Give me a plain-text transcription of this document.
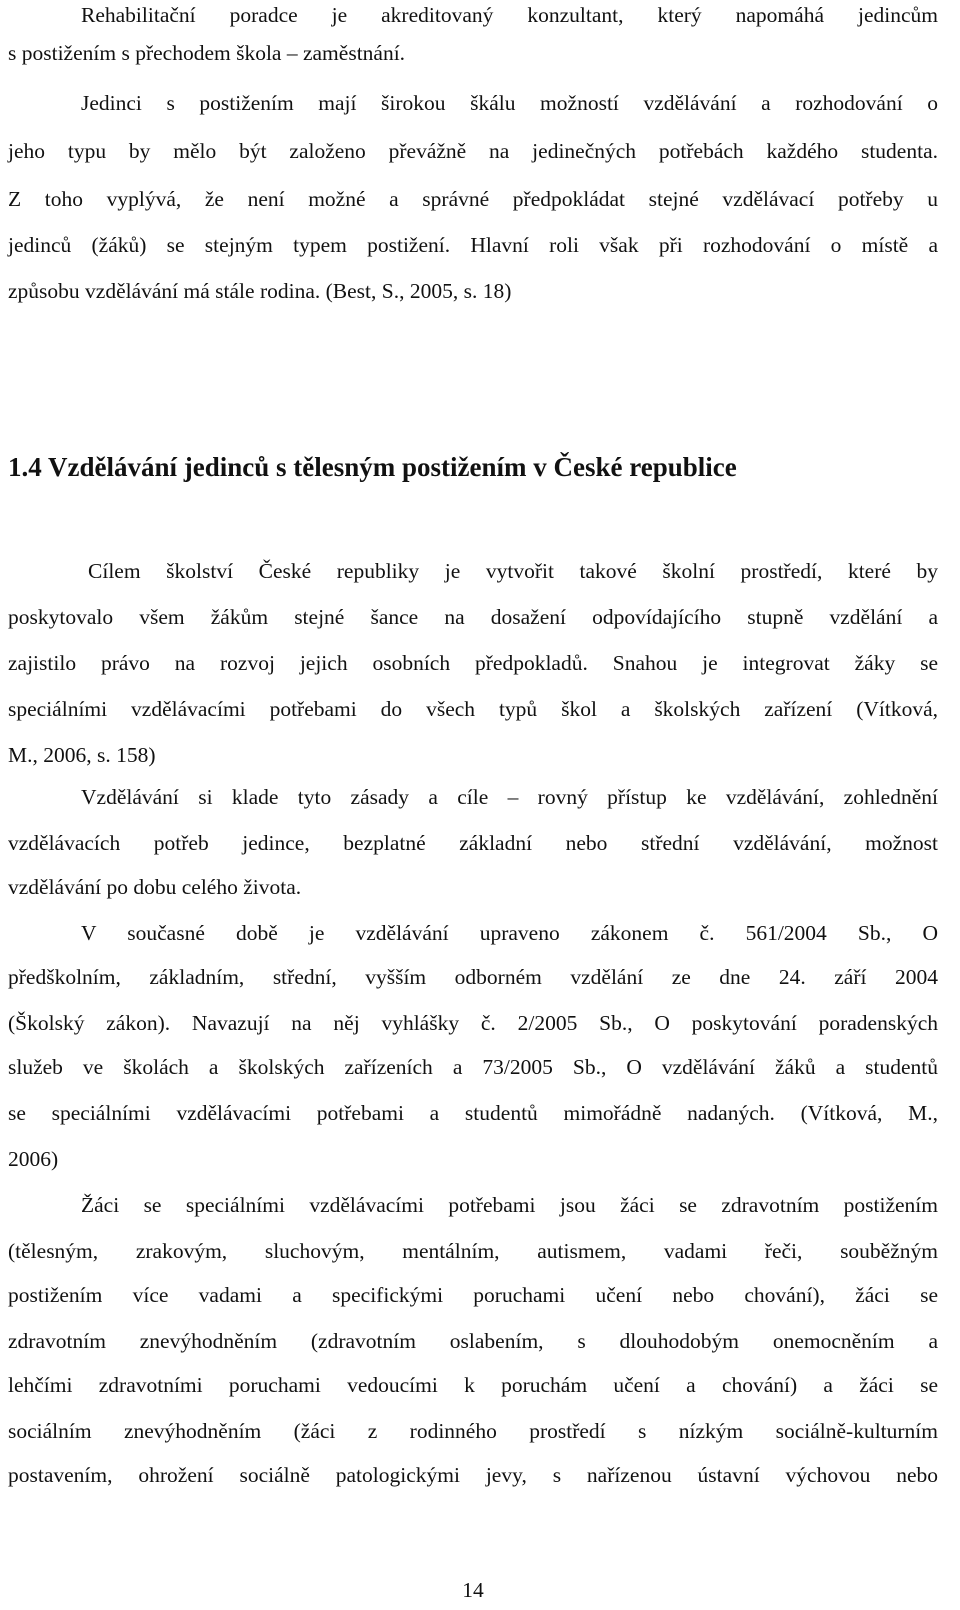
Rehabilitační poradce je akreditovaný konzultant, který napomáhá jedincům
s postižením s přechodem škola – zaměstnání.
Jedinci s postižením mají širokou škálu možností vzdělávání a rozhodování o
jeho typu by mělo být založeno převážně na jedinečných potřebách každého studenta.
Z toho vyplývá, že není možné a správné předpokládat stejné vzdělávací potřeby u
jedinců (žáků) se stejným typem postižení. Hlavní roli však při rozhodování o místě a
způsobu vzdělávání má stále rodina. (Best, S., 2005, s. 18)
1.4 Vzdělávání jedinců s tělesným postižením v České republice
Cílem školství České republiky je vytvořit takové školní prostředí, které by
poskytovalo všem žákům stejné šance na dosažení odpovídajícího stupně vzdělání a
zajistilo právo na rozvoj jejich osobních předpokladů. Snahou je integrovat žáky se
speciálními vzdělávacími potřebami do všech typů škol a školských zařízení (Vítková,
M., 2006, s. 158)
Vzdělávání si klade tyto zásady a cíle – rovný přístup ke vzdělávání, zohlednění
vzdělávacích potřeb jedince, bezplatné základní nebo střední vzdělávání, možnost
vzdělávání po dobu celého života.
V současné době je vzdělávání upraveno zákonem č. 561/2004 Sb., O
předškolním, základním, střední, vyšším odborném vzdělání ze dne 24. září 2004
(Školský zákon). Navazují na něj vyhlášky č. 2/2005 Sb., O poskytování poradenských
služeb ve školách a školských zařízeních a 73/2005 Sb., O vzdělávání žáků a studentů
se speciálními vzdělávacími potřebami a studentů mimořádně nadaných. (Vítková, M.,
2006)
Žáci se speciálními vzdělávacími potřebami jsou žáci se zdravotním postižením
(tělesným, zrakovým, sluchovým, mentálním, autismem, vadami řeči, souběžným
postižením více vadami a specifickými poruchami učení nebo chování), žáci se
zdravotním znevýhodněním (zdravotním oslabením, s dlouhodobým onemocněním a
lehčími zdravotními poruchami vedoucími k poruchám učení a chování) a žáci se
sociálním znevýhodněním (žáci z rodinného prostředí s nízkým sociálně-kulturním
postavením, ohrožení sociálně patologickými jevy, s nařízenou ústavní výchovou nebo
14
